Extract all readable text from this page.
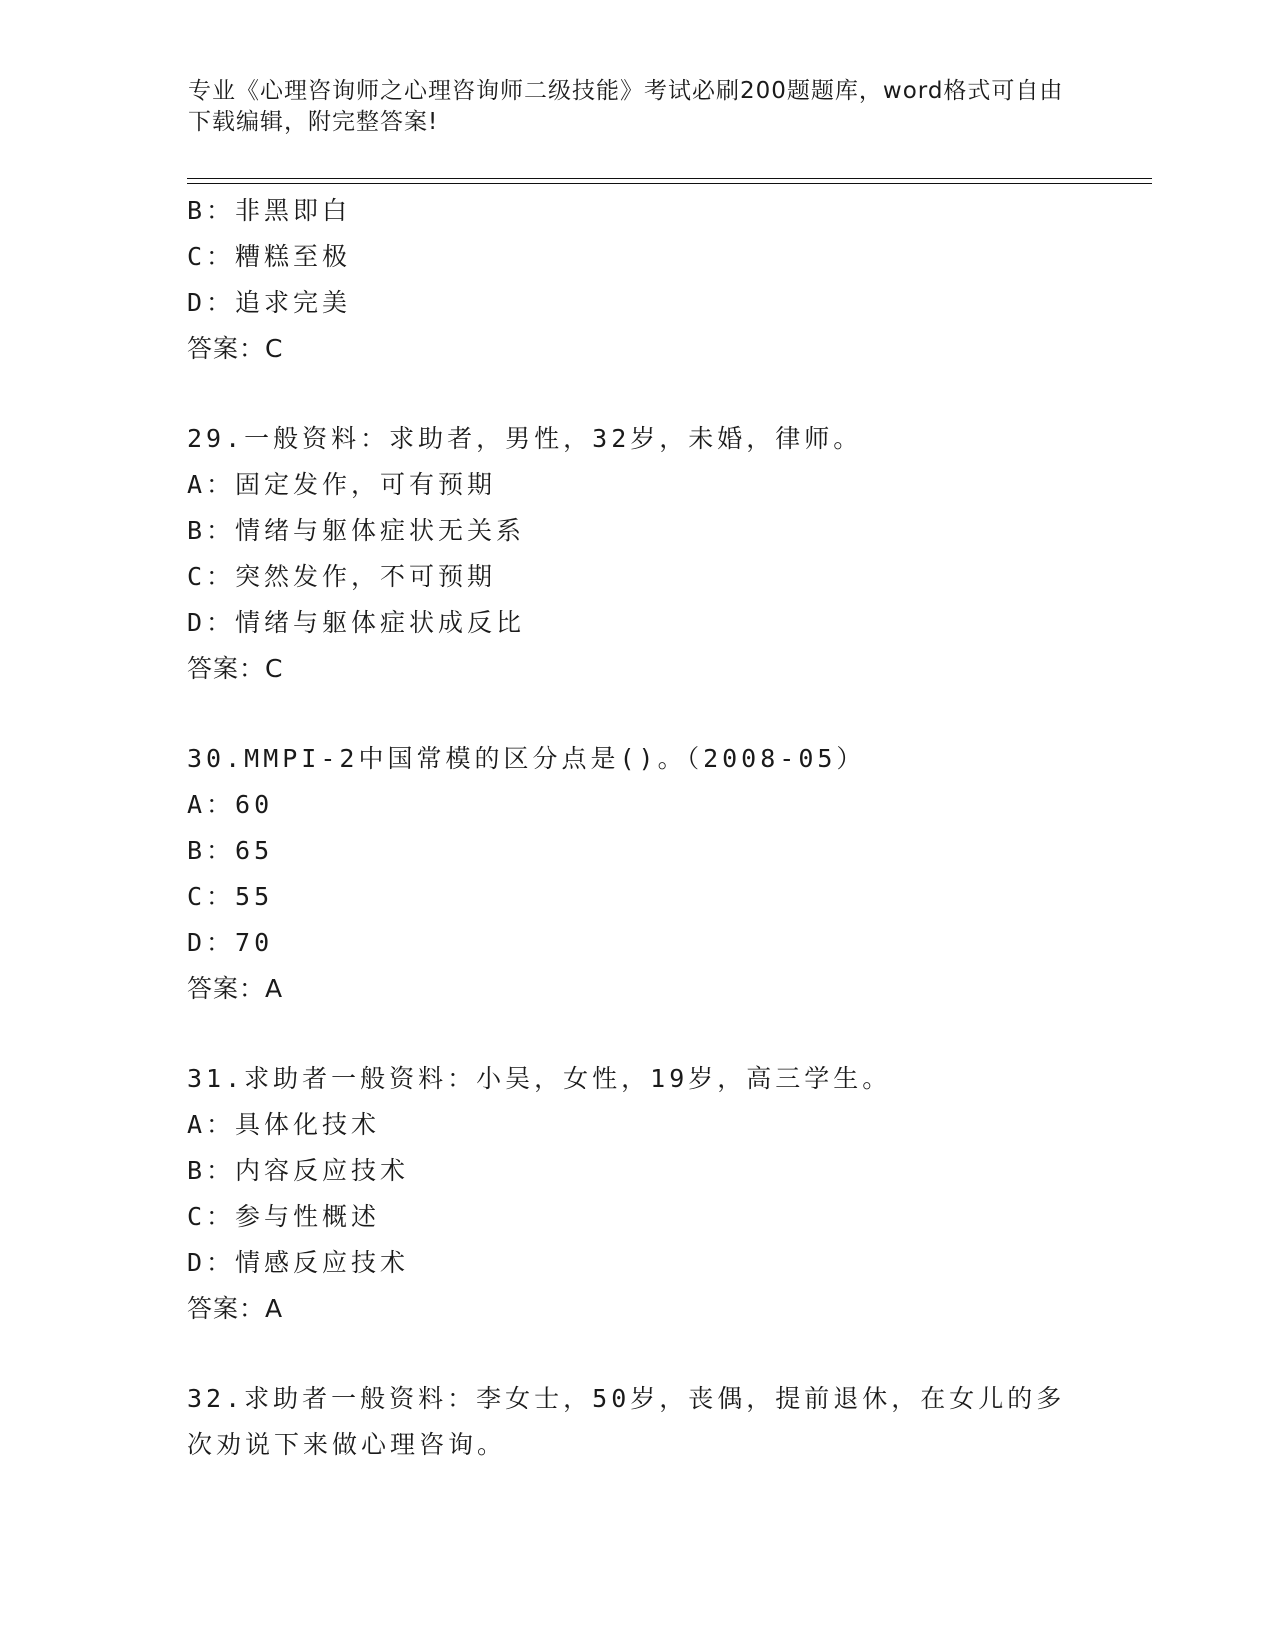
专业《心理咨询师之心理咨询师二级技能》考试必刷200题题库，word格式可自由下载编辑，附完整答案!
B：非黑即白
C：糟糕至极
D：追求完美
答案：C
29.一般资料：求助者，男性，32岁，未婚，律师。
A：固定发作，可有预期
B：情绪与躯体症状无关系
C：突然发作，不可预期
D：情绪与躯体症状成反比
答案：C
30.MMPI-2中国常模的区分点是()。（2008-05）
A：60
B：65
C：55
D：70
答案：A
31.求助者一般资料：小吴，女性，19岁，高三学生。
A：具体化技术
B：内容反应技术
C：参与性概述
D：情感反应技术
答案：A
32.求助者一般资料：李女士，50岁，丧偶，提前退休，在女儿的多次劝说下来做心理咨询。
